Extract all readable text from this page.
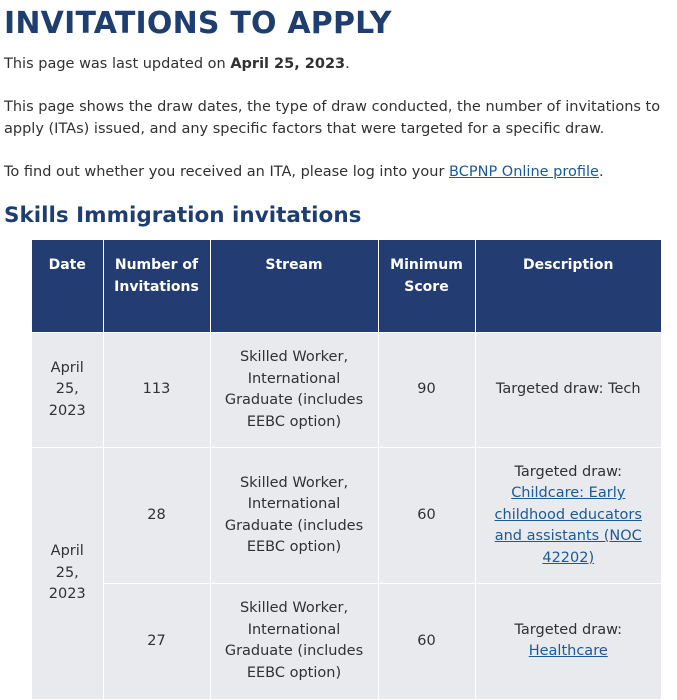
INVITATIONS TO APPLY

This page was last updated on April 25, 2023.

This page shows the draw dates, the type of draw conducted, the number of invitations to apply (ITAs) issued, and any specific factors that were targeted for a specific draw.

To find out whether you received an ITA, please log into your BCPNP Online profile.

Skills Immigration invitations
Date	Number of Invitations	Stream	Minimum Score	Description
April 25, 2023	113	Skilled Worker, International Graduate (includes EEBC option)	90	Targeted draw: Tech
April 25, 2023	28	Skilled Worker, International Graduate (includes EEBC option)	60	Targeted draw:
Childcare: Early childhood educators and assistants (NOC 42202)
	27	Skilled Worker, International Graduate (includes EEBC option)	60	Targeted draw:
Healthcare
